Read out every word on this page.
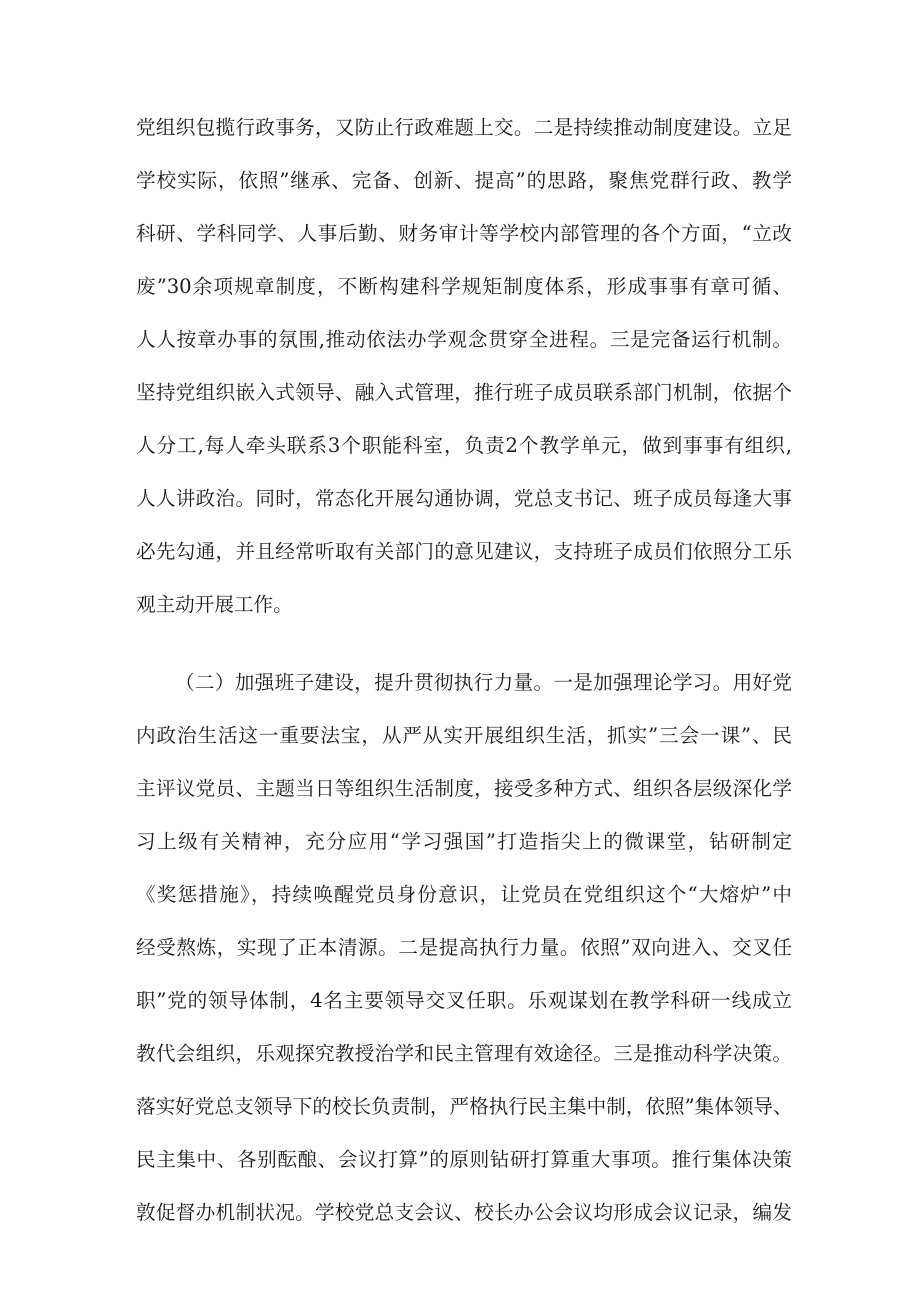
党组织包揽行政事务，又防止行政难题上交。二是持续推动制度建设。立足
学校实际，依照”继承、完备、创新、提高”的思路，聚焦党群行政、教学
科研、学科同学、人事后勤、财务审计等学校内部管理的各个方面，“立改
废”30余项规章制度，不断构建科学规矩制度体系，形成事事有章可循、
人人按章办事的氛围,推动依法办学观念贯穿全进程。三是完备运行机制。
坚持党组织嵌入式领导、融入式管理，推行班子成员联系部门机制，依据个
人分工,每人牵头联系3个职能科室，负责2个教学单元，做到事事有组织,
人人讲政治。同时，常态化开展勾通协调，党总支书记、班子成员每逢大事
必先勾通，并且经常听取有关部门的意见建议，支持班子成员们依照分工乐
观主动开展工作。
（二）加强班子建设，提升贯彻执行力量。一是加强理论学习。用好党
内政治生活这一重要法宝，从严从实开展组织生活，抓实”三会一课”、民
主评议党员、主题当日等组织生活制度，接受多种方式、组织各层级深化学
习上级有关精神，充分应用“学习强国”打造指尖上的微课堂，钻研制定
《奖惩措施》，持续唤醒党员身份意识，让党员在党组织这个“大熔炉”中
经受熬炼，实现了正本清源。二是提高执行力量。依照”双向进入、交叉任
职”党的领导体制，4名主要领导交叉任职。乐观谋划在教学科研一线成立
教代会组织，乐观探究教授治学和民主管理有效途径。三是推动科学决策。
落实好党总支领导下的校长负责制，严格执行民主集中制，依照”集体领导、
民主集中、各别酝酿、会议打算”的原则钻研打算重大事项。推行集体决策
敦促督办机制状况。学校党总支会议、校长办公会议均形成会议记录，编发
